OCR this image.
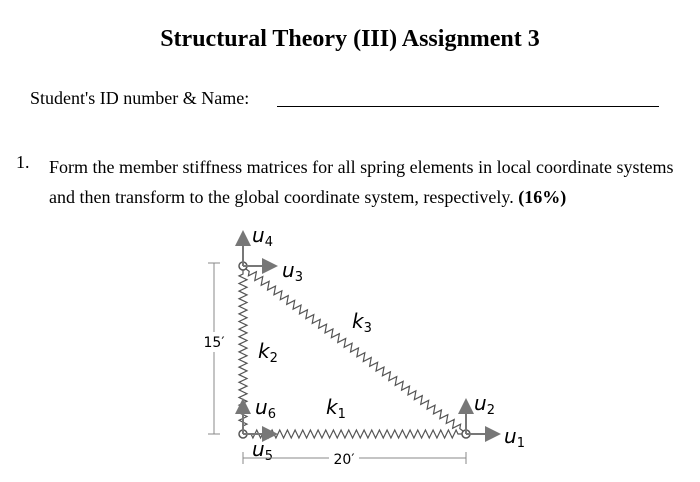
Structural Theory (III) Assignment 3
Student's ID number & Name:
1. Form the member stiffness matrices for all spring elements in local coordinate systems and then transform to the global coordinate system, respectively. (16%)
$u_4$
$u_3$
$u_6$
$u_5$
$u_2$
$u_1$
$k_2$
$k_1$
$k_3$
15′
20′
